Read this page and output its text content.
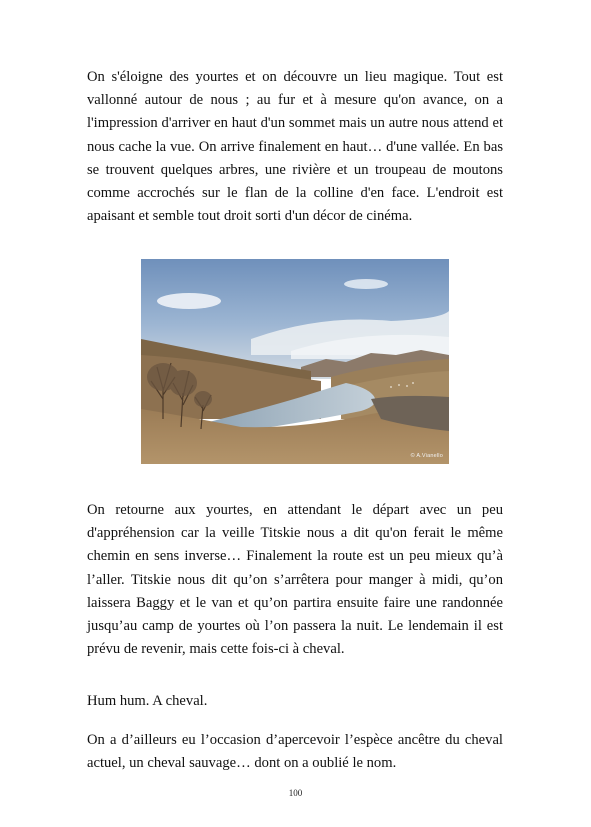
On s'éloigne des yourtes et on découvre un lieu magique. Tout est vallonné autour de nous ; au fur et à mesure qu'on avance, on a l'impression d'arriver en haut d'un sommet mais un autre nous attend et nous cache la vue. On arrive finalement en haut… d'une vallée. En bas se trouvent quelques arbres, une rivière et un troupeau de moutons comme accrochés sur le flan de la colline d'en face. L'endroit est apaisant et semble tout droit sorti d'un décor de cinéma.

© A.Vianello

On retourne aux yourtes, en attendant le départ avec un peu d'appréhension car la veille Titskie nous a dit qu'on ferait le même chemin en sens inverse… Finalement la route est un peu mieux qu’à l’aller. Titskie nous dit qu’on s’arrêtera pour manger à midi, qu’on laissera Baggy et le van et qu’on partira ensuite faire une randonnée jusqu’au camp de yourtes où l’on passera la nuit. Le lendemain il est prévu de revenir, mais cette fois-ci à cheval.

Hum hum. A cheval.

On a d’ailleurs eu l’occasion d’apercevoir l’espèce ancêtre du cheval actuel, un cheval sauvage… dont on a oublié le nom.

100
